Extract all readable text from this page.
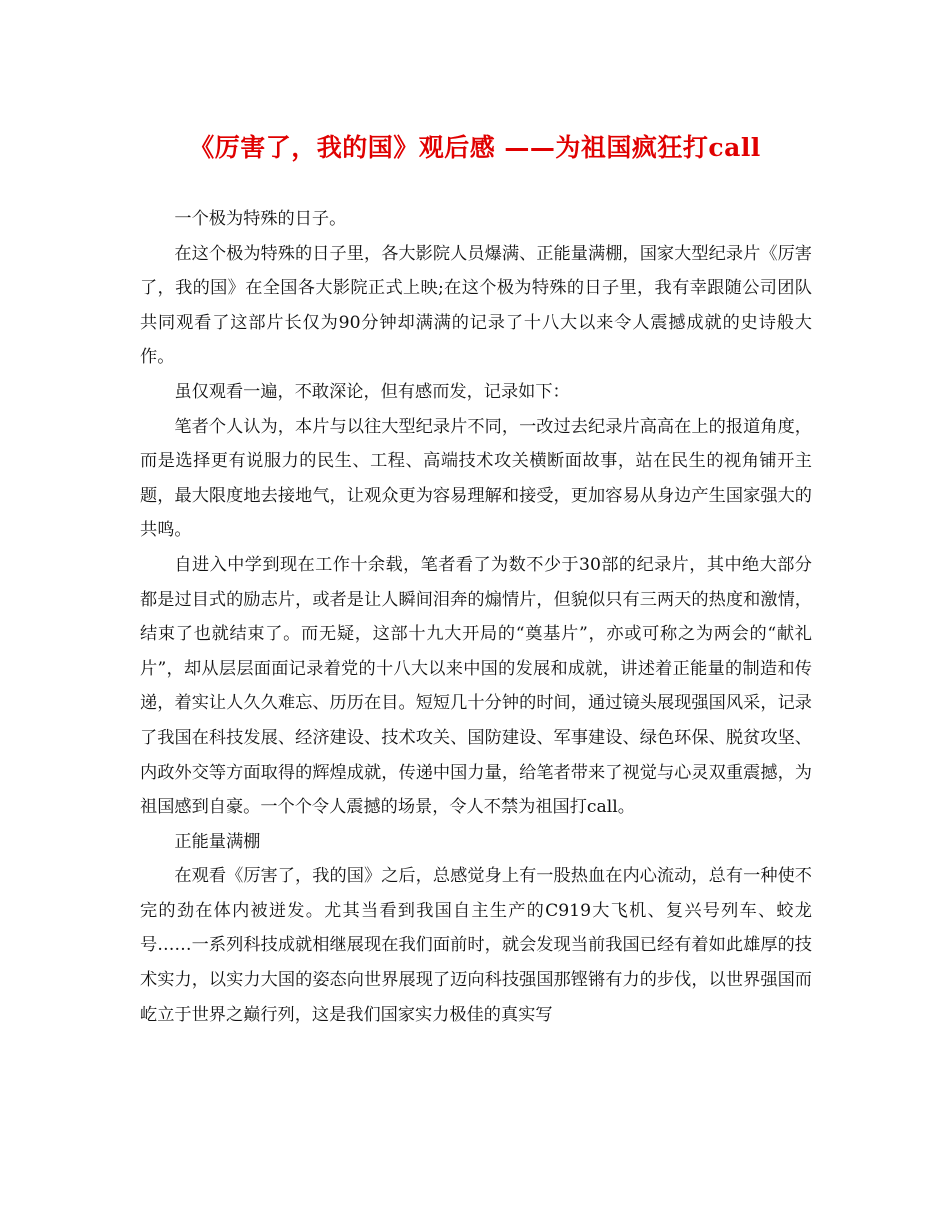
《厉害了，我的国》观后感 ——为祖国疯狂打call

一个极为特殊的日子。

在这个极为特殊的日子里，各大影院人员爆满、正能量满棚，国家大型纪录片《厉害了，我的国》在全国各大影院正式上映;在这个极为特殊的日子里，我有幸跟随公司团队共同观看了这部片长仅为90分钟却满满的记录了十八大以来令人震撼成就的史诗般大作。

虽仅观看一遍，不敢深论，但有感而发，记录如下：

笔者个人认为，本片与以往大型纪录片不同，一改过去纪录片高高在上的报道角度，而是选择更有说服力的民生、工程、高端技术攻关横断面故事，站在民生的视角铺开主题，最大限度地去接地气，让观众更为容易理解和接受，更加容易从身边产生国家强大的共鸣。

自进入中学到现在工作十余载，笔者看了为数不少于30部的纪录片，其中绝大部分都是过目式的励志片，或者是让人瞬间泪奔的煽情片，但貌似只有三两天的热度和激情，结束了也就结束了。而无疑，这部十九大开局的“奠基片”，亦或可称之为两会的“献礼片”，却从层层面面记录着党的十八大以来中国的发展和成就，讲述着正能量的制造和传递，着实让人久久难忘、历历在目。短短几十分钟的时间，通过镜头展现强国风采，记录了我国在科技发展、经济建设、技术攻关、国防建设、军事建设、绿色环保、脱贫攻坚、内政外交等方面取得的辉煌成就，传递中国力量，给笔者带来了视觉与心灵双重震撼，为祖国感到自豪。一个个令人震撼的场景，令人不禁为祖国打call。

正能量满棚

在观看《厉害了，我的国》之后，总感觉身上有一股热血在内心流动，总有一种使不完的劲在体内被迸发。尤其当看到我国自主生产的C919大飞机、复兴号列车、蛟龙号……一系列科技成就相继展现在我们面前时，就会发现当前我国已经有着如此雄厚的技术实力，以实力大国的姿态向世界展现了迈向科技强国那铿锵有力的步伐，以世界强国而屹立于世界之巅行列，这是我们国家实力极佳的真实写
